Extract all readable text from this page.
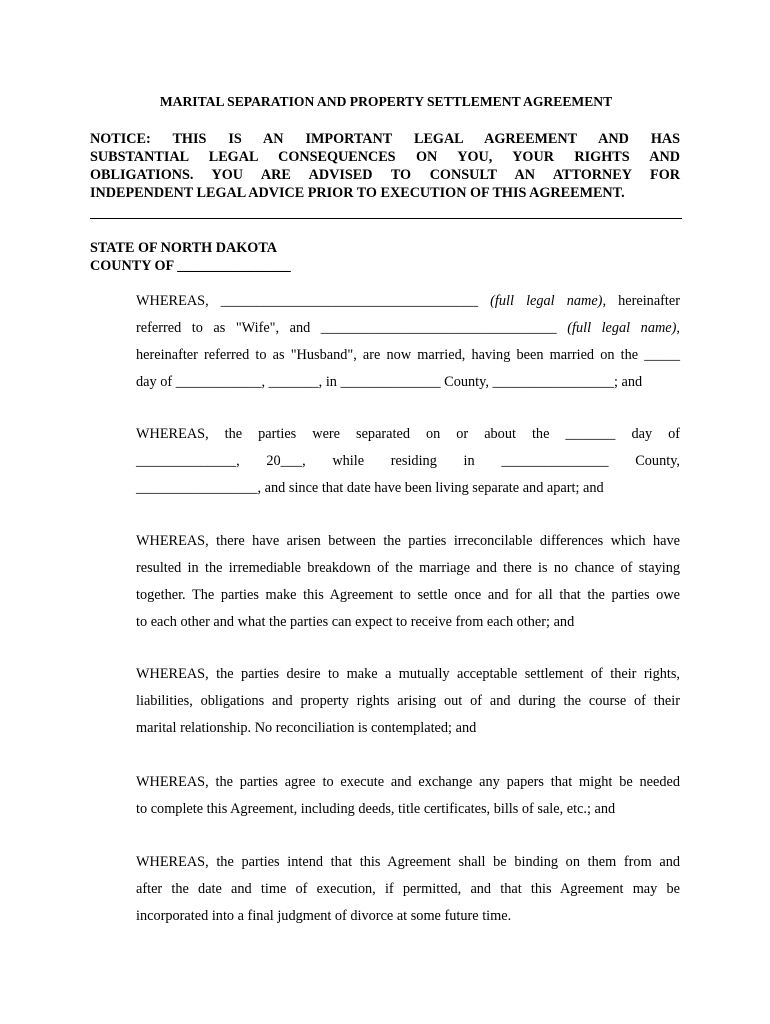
MARITAL SEPARATION AND PROPERTY SETTLEMENT AGREEMENT
NOTICE: THIS IS AN IMPORTANT LEGAL AGREEMENT AND HAS
SUBSTANTIAL LEGAL CONSEQUENCES ON YOU, YOUR RIGHTS AND
OBLIGATIONS. YOU ARE ADVISED TO CONSULT AN ATTORNEY FOR
INDEPENDENT LEGAL ADVICE PRIOR TO EXECUTION OF THIS AGREEMENT.
STATE OF NORTH DAKOTA
COUNTY OF ________________
WHEREAS, ____________________________________ (full legal name), hereinafter
referred to as "Wife", and _________________________________ (full legal name),
hereinafter referred to as "Husband", are now married, having been married on the _____
day of ____________, _______, in ______________ County, _________________; and
WHEREAS, the parties were separated on or about the _______ day of
______________, 20___, while residing in _______________ County,
_________________, and since that date have been living separate and apart; and
WHEREAS, there have arisen between the parties irreconcilable differences which have
resulted in the irremediable breakdown of the marriage and there is no chance of staying
together. The parties make this Agreement to settle once and for all that the parties owe
to each other and what the parties can expect to receive from each other; and
WHEREAS, the parties desire to make a mutually acceptable settlement of their rights,
liabilities, obligations and property rights arising out of and during the course of their
marital relationship. No reconciliation is contemplated; and
WHEREAS, the parties agree to execute and exchange any papers that might be needed
to complete this Agreement, including deeds, title certificates, bills of sale, etc.; and
WHEREAS, the parties intend that this Agreement shall be binding on them from and
after the date and time of execution, if permitted, and that this Agreement may be
incorporated into a final judgment of divorce at some future time.
